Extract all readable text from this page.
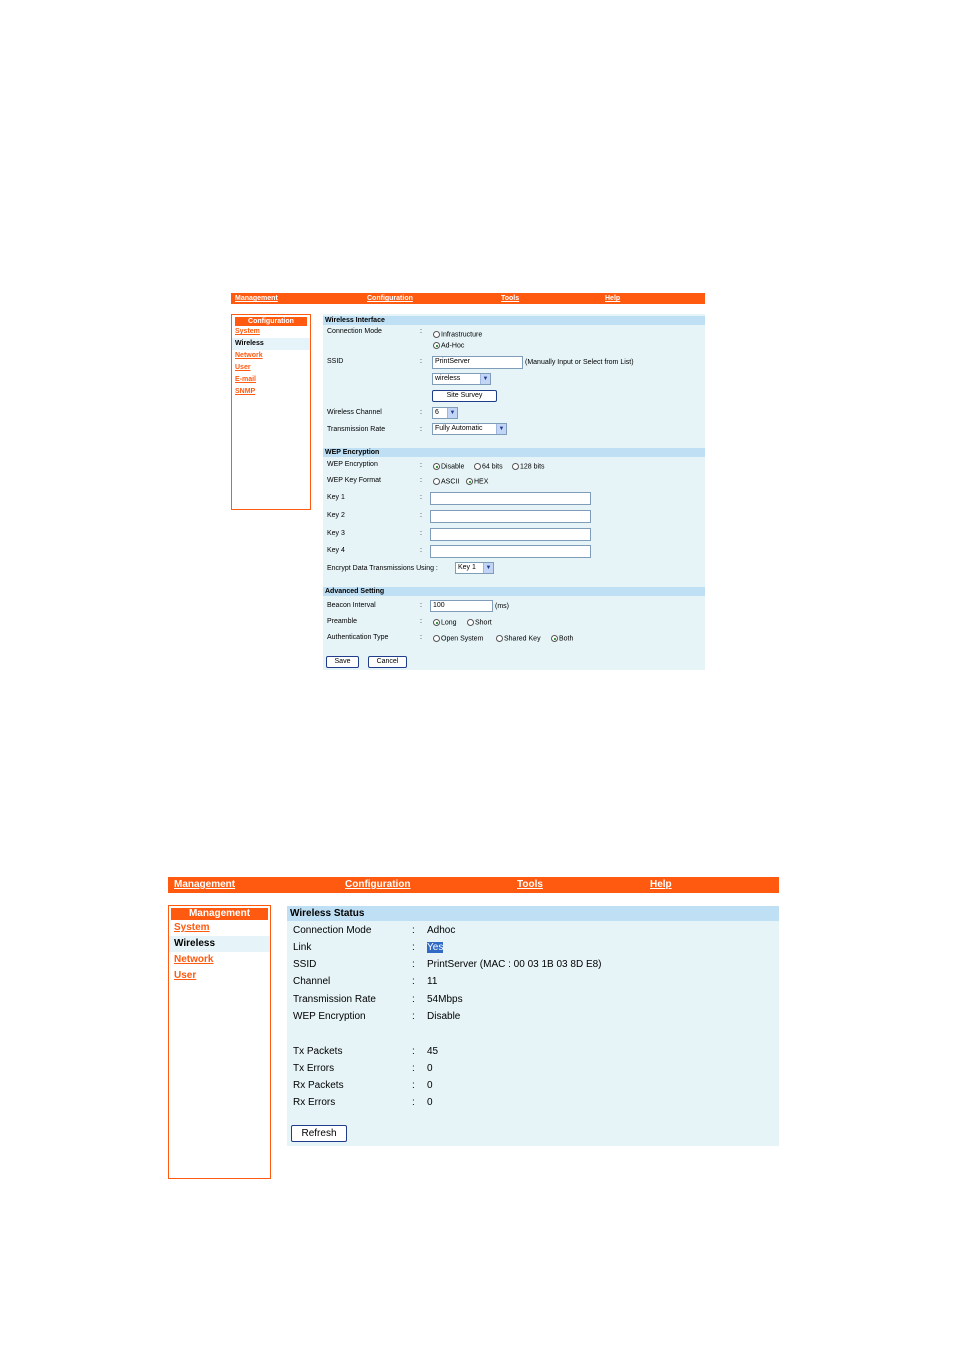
Management	Configuration	Tools	Help
Configuration
System
Wireless
Network
User
E-mail
SNMP
Wireless Interface
Connection Mode	:	Infrastructure
Ad-Hoc
SSID	:	PrintServer	(Manually Input or Select from List)
wireless	▼
Site Survey
Wireless Channel	:	6	▼
Transmission Rate	:	Fully Automatic	▼
WEP Encryption
WEP Encryption	:	Disable	64 bits	128 bits
WEP Key Format	:	ASCII	HEX
Key 1	:
Key 2	:
Key 3	:
Key 4	:
Encrypt Data Transmissions Using :	Key 1	▼
Advanced Setting
Beacon Interval	:	100	(ms)
Preamble	:	Long	Short
Authentication Type	:	Open System	Shared Key	Both
Save	Cancel
Management	Configuration	Tools	Help
Management
System
Wireless
Network
User
Wireless Status
Connection Mode	: Adhoc
Link	: Yes
SSID	: PrintServer (MAC : 00 03 1B 03 8D E8)
Channel	: 11
Transmission Rate	: 54Mbps
WEP Encryption	: Disable
Tx Packets	: 45
Tx Errors	: 0
Rx Packets	: 0
Rx Errors	: 0
Refresh
